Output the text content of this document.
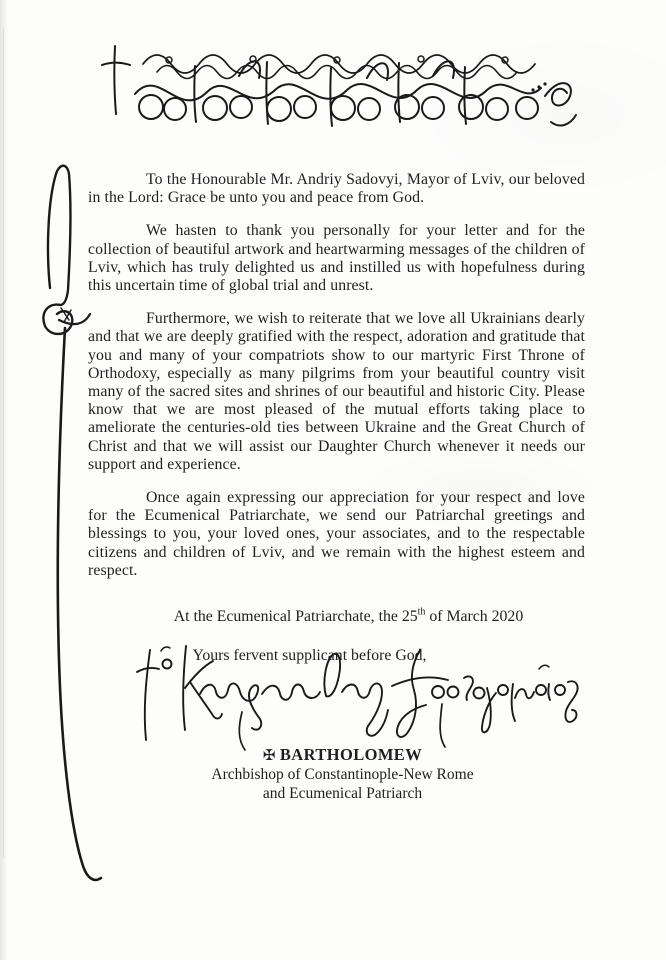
To the Honourable Mr. Andriy Sadovyi, Mayor of Lviv, our beloved in the Lord: Grace be unto you and peace from God.

We hasten to thank you personally for your letter and for the collection of beautiful artwork and heartwarming messages of the children of Lviv, which has truly delighted us and instilled us with hopefulness during this uncertain time of global trial and unrest.

Furthermore, we wish to reiterate that we love all Ukrainians dearly and that we are deeply gratified with the respect, adoration and gratitude that you and many of your compatriots show to our martyric First Throne of Orthodoxy, especially as many pilgrims from your beautiful country visit many of the sacred sites and shrines of our beautiful and historic City. Please know that we are most pleased of the mutual efforts taking place to ameliorate the centuries-old ties between Ukraine and the Great Church of Christ and that we will assist our Daughter Church whenever it needs our support and experience.

Once again expressing our appreciation for your respect and love for the Ecumenical Patriarchate, we send our Patriarchal greetings and blessings to you, your loved ones, your associates, and to the respectable citizens and children of Lviv, and we remain with the highest esteem and respect.

At the Ecumenical Patriarchate, the 25th of March 2020

Yours fervent supplicant before God,

✠ BARTHOLOMEW
Archbishop of Constantinople-New Rome
and Ecumenical Patriarch
